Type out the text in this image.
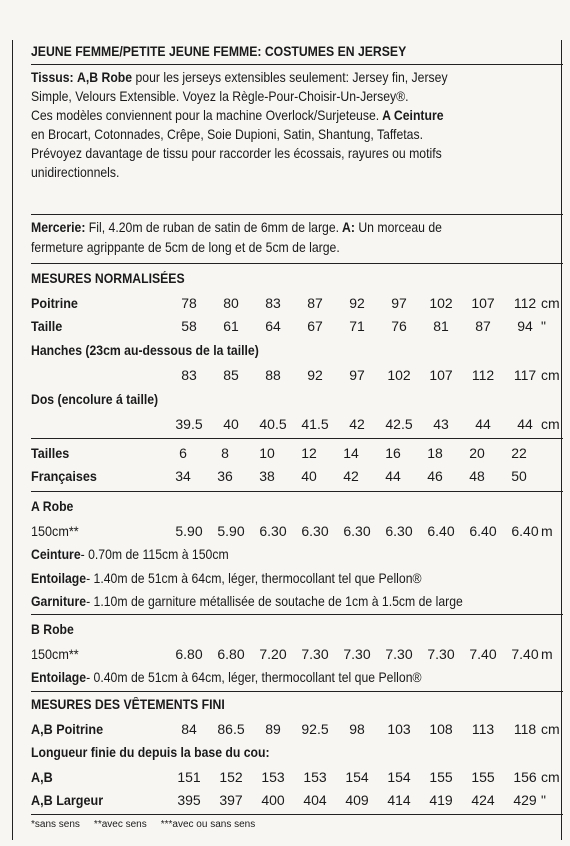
JEUNE FEMME/PETITE JEUNE FEMME: COSTUMES EN JERSEY
Tissus: A,B Robe pour les jerseys extensibles seulement: Jersey fin, Jersey
Simple, Velours Extensible. Voyez la Règle-Pour-Choisir-Un-Jersey®.
Ces modèles conviennent pour la machine Overlock/Surjeteuse. A Ceinture
en Brocart, Cotonnades, Crêpe, Soie Dupioni, Satin, Shantung, Taffetas.
Prévoyez davantage de tissu pour raccorder les écossais, rayures ou motifs
unidirectionnels.
Mercerie: Fil, 4.20m de ruban de satin de 6mm de large. A: Un morceau de
fermeture agrippante de 5cm de long et de 5cm de large.
MESURES NORMALISÉES
Poitrine	78	80	83	87	92	97	102	107	112 cm
Taille	58	61	64	67	71	76	81	87	94 "
Hanches (23cm au-dessous de la taille)
83	85	88	92	97	102	107	112	117 cm
Dos (encolure á taille)
39.5	40	40.5	41.5	42	42.5	43	44	44 cm
Tailles	6	8	10	12	14	16	18	20	22
Françaises	34	36	38	40	42	44	46	48	50
A Robe
150cm**	5.90	5.90	6.30	6.30	6.30	6.30	6.40	6.40	6.40 m
Ceinture- 0.70m de 115cm à 150cm
Entoilage- 1.40m de 51cm à 64cm, léger, thermocollant tel que Pellon®
Garniture- 1.10m de garniture métallisée de soutache de 1cm à 1.5cm de large
B Robe
150cm**	6.80	6.80	7.20	7.30	7.30	7.30	7.30	7.40	7.40 m
Entoilage- 0.40m de 51cm à 64cm, léger, thermocollant tel que Pellon®
MESURES DES VÊTEMENTS FINI
A,B Poitrine	84	86.5	89	92.5	98	103	108	113	118 cm
Longueur finie du depuis la base du cou:
A,B	151	152	153	153	154	154	155	155	156 cm
A,B Largeur	395	397	400	404	409	414	419	424	429 "
*sans sens **avec sens ***avec ou sans sens
